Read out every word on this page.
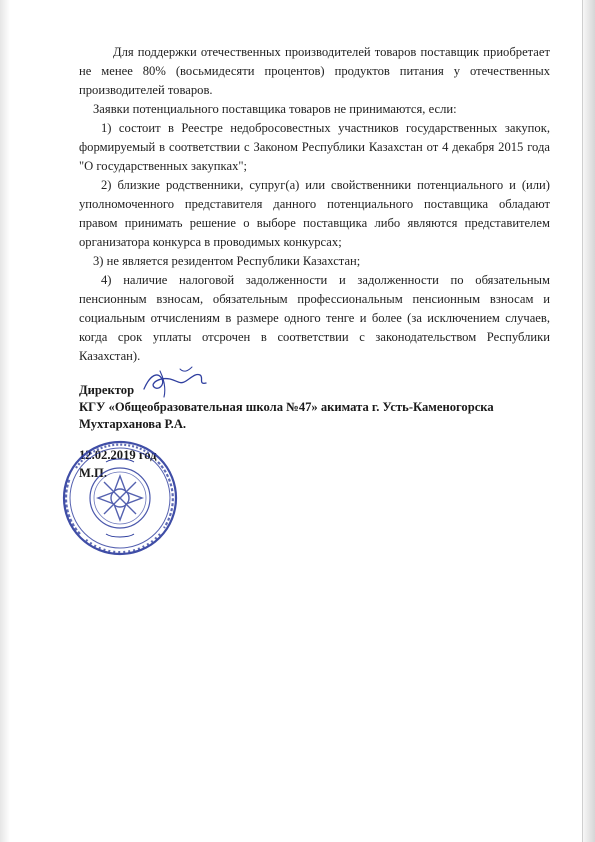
Для поддержки отечественных производителей товаров поставщик приобретает не менее 80% (восьмидесяти процентов) продуктов питания у отечественных производителей товаров.

Заявки потенциального поставщика товаров не принимаются, если:

1) состоит в Реестре недобросовестных участников государственных закупок, формируемый в соответствии с Законом Республики Казахстан от 4 декабря 2015 года "О государственных закупках";

2) близкие родственники, супруг(а) или свойственники потенциального и (или) уполномоченного представителя данного потенциального поставщика обладают правом принимать решение о выборе поставщика либо являются представителем организатора конкурса в проводимых конкурсах;

3) не является резидентом Республики Казахстан;

4) наличие налоговой задолженности и задолженности по обязательным пенсионным взносам, обязательным профессиональным пенсионным взносам и социальным отчислениям в размере одного тенге и более (за исключением случаев, когда срок уплаты отсрочен в соответствии с законодательством Республики Казахстан).

Директор
КГУ «Общеобразовательная школа №47» акимата г. Усть-Каменогорска
Мухтарханова Р.А.
12.02.2019 год
М.П.
